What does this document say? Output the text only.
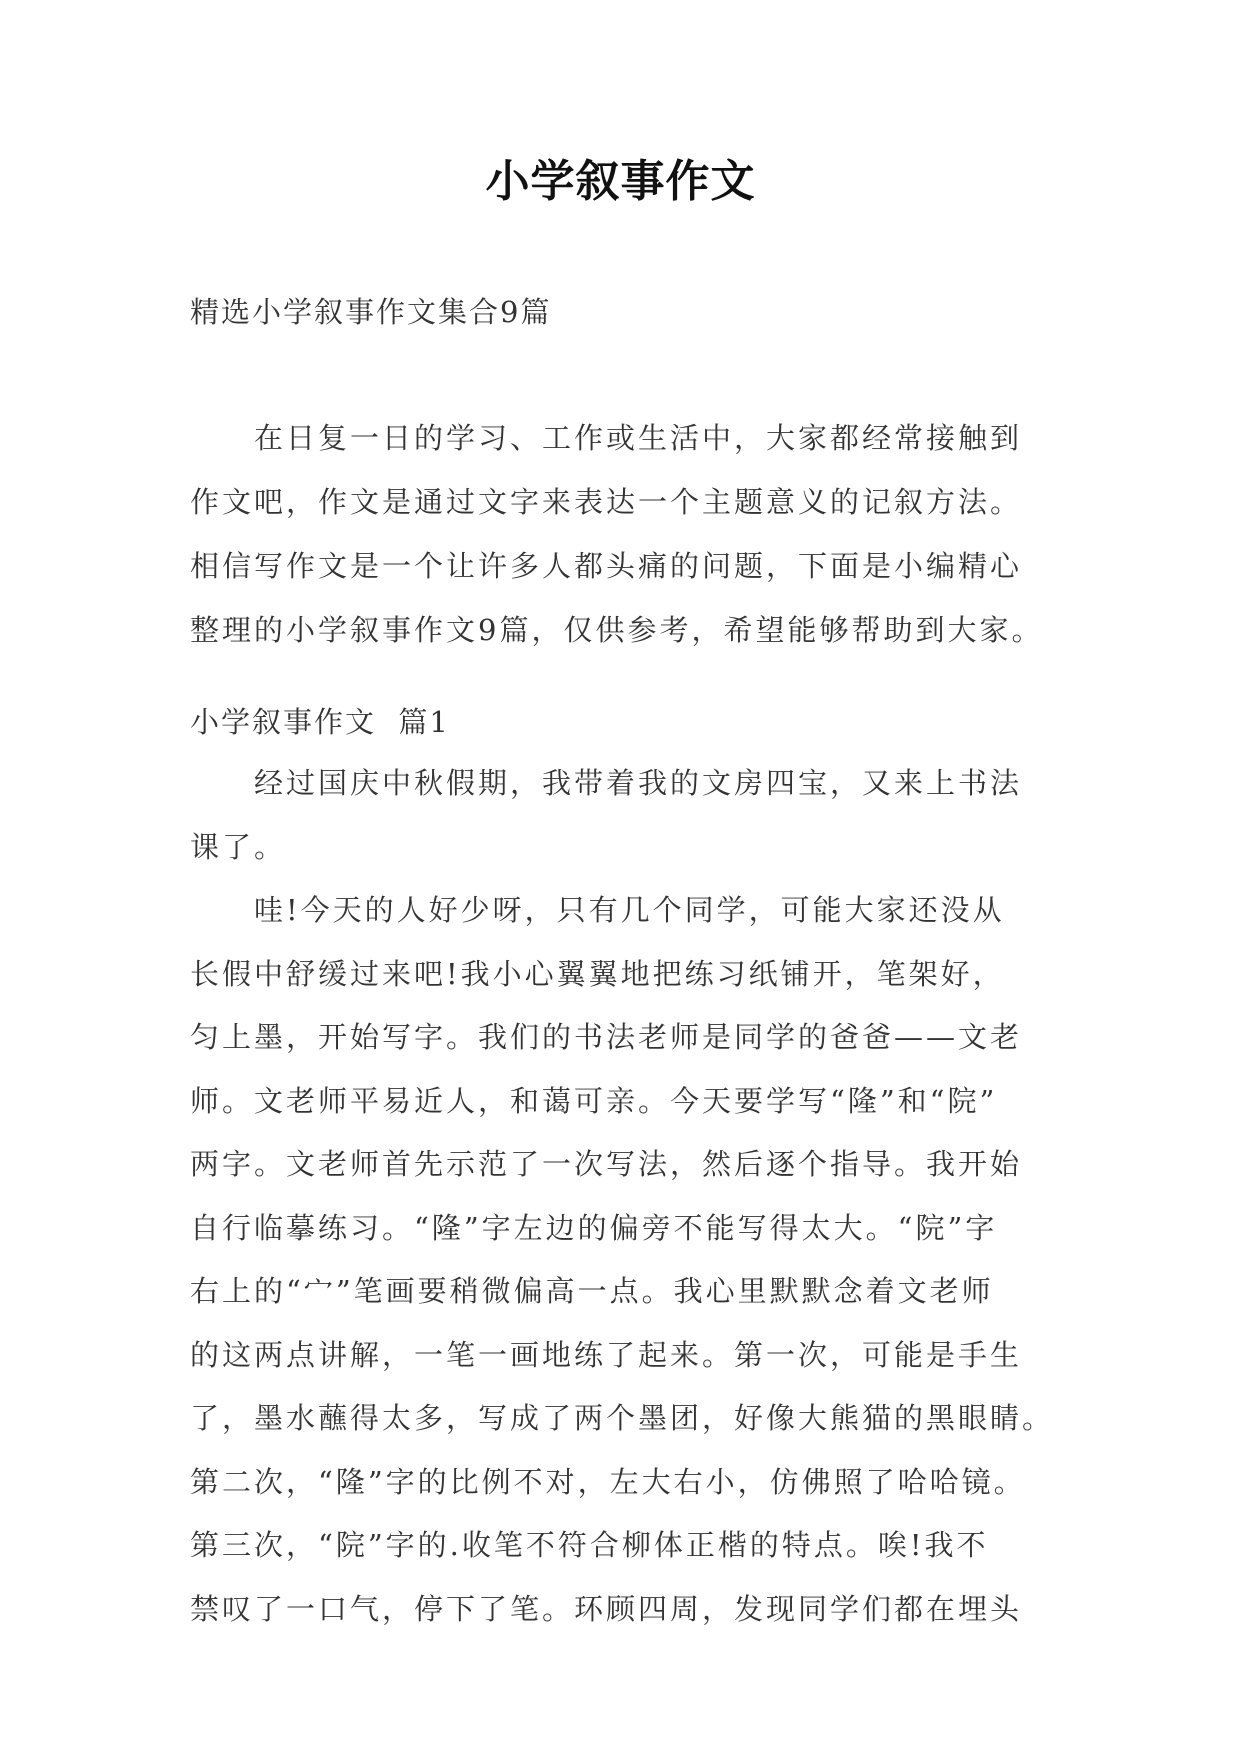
小学叙事作文
精选小学叙事作文集合9篇
在日复一日的学习、工作或生活中，大家都经常接触到
作文吧，作文是通过文字来表达一个主题意义的记叙方法。
相信写作文是一个让许多人都头痛的问题，下面是小编精心
整理的小学叙事作文9篇，仅供参考，希望能够帮助到大家。
小学叙事作文  篇1
经过国庆中秋假期，我带着我的文房四宝，又来上书法
课了。
哇!今天的人好少呀，只有几个同学，可能大家还没从
长假中舒缓过来吧!我小心翼翼地把练习纸铺开，笔架好，
匀上墨，开始写字。我们的书法老师是同学的爸爸——文老
师。文老师平易近人，和蔼可亲。今天要学写“隆”和“院”
两字。文老师首先示范了一次写法，然后逐个指导。我开始
自行临摹练习。“隆”字左边的偏旁不能写得太大。“院”字
右上的“宀”笔画要稍微偏高一点。我心里默默念着文老师
的这两点讲解，一笔一画地练了起来。第一次，可能是手生
了，墨水蘸得太多，写成了两个墨团，好像大熊猫的黑眼睛。
第二次，“隆”字的比例不对，左大右小，仿佛照了哈哈镜。
第三次，“院”字的.收笔不符合柳体正楷的特点。唉!我不
禁叹了一口气，停下了笔。环顾四周，发现同学们都在埋头
